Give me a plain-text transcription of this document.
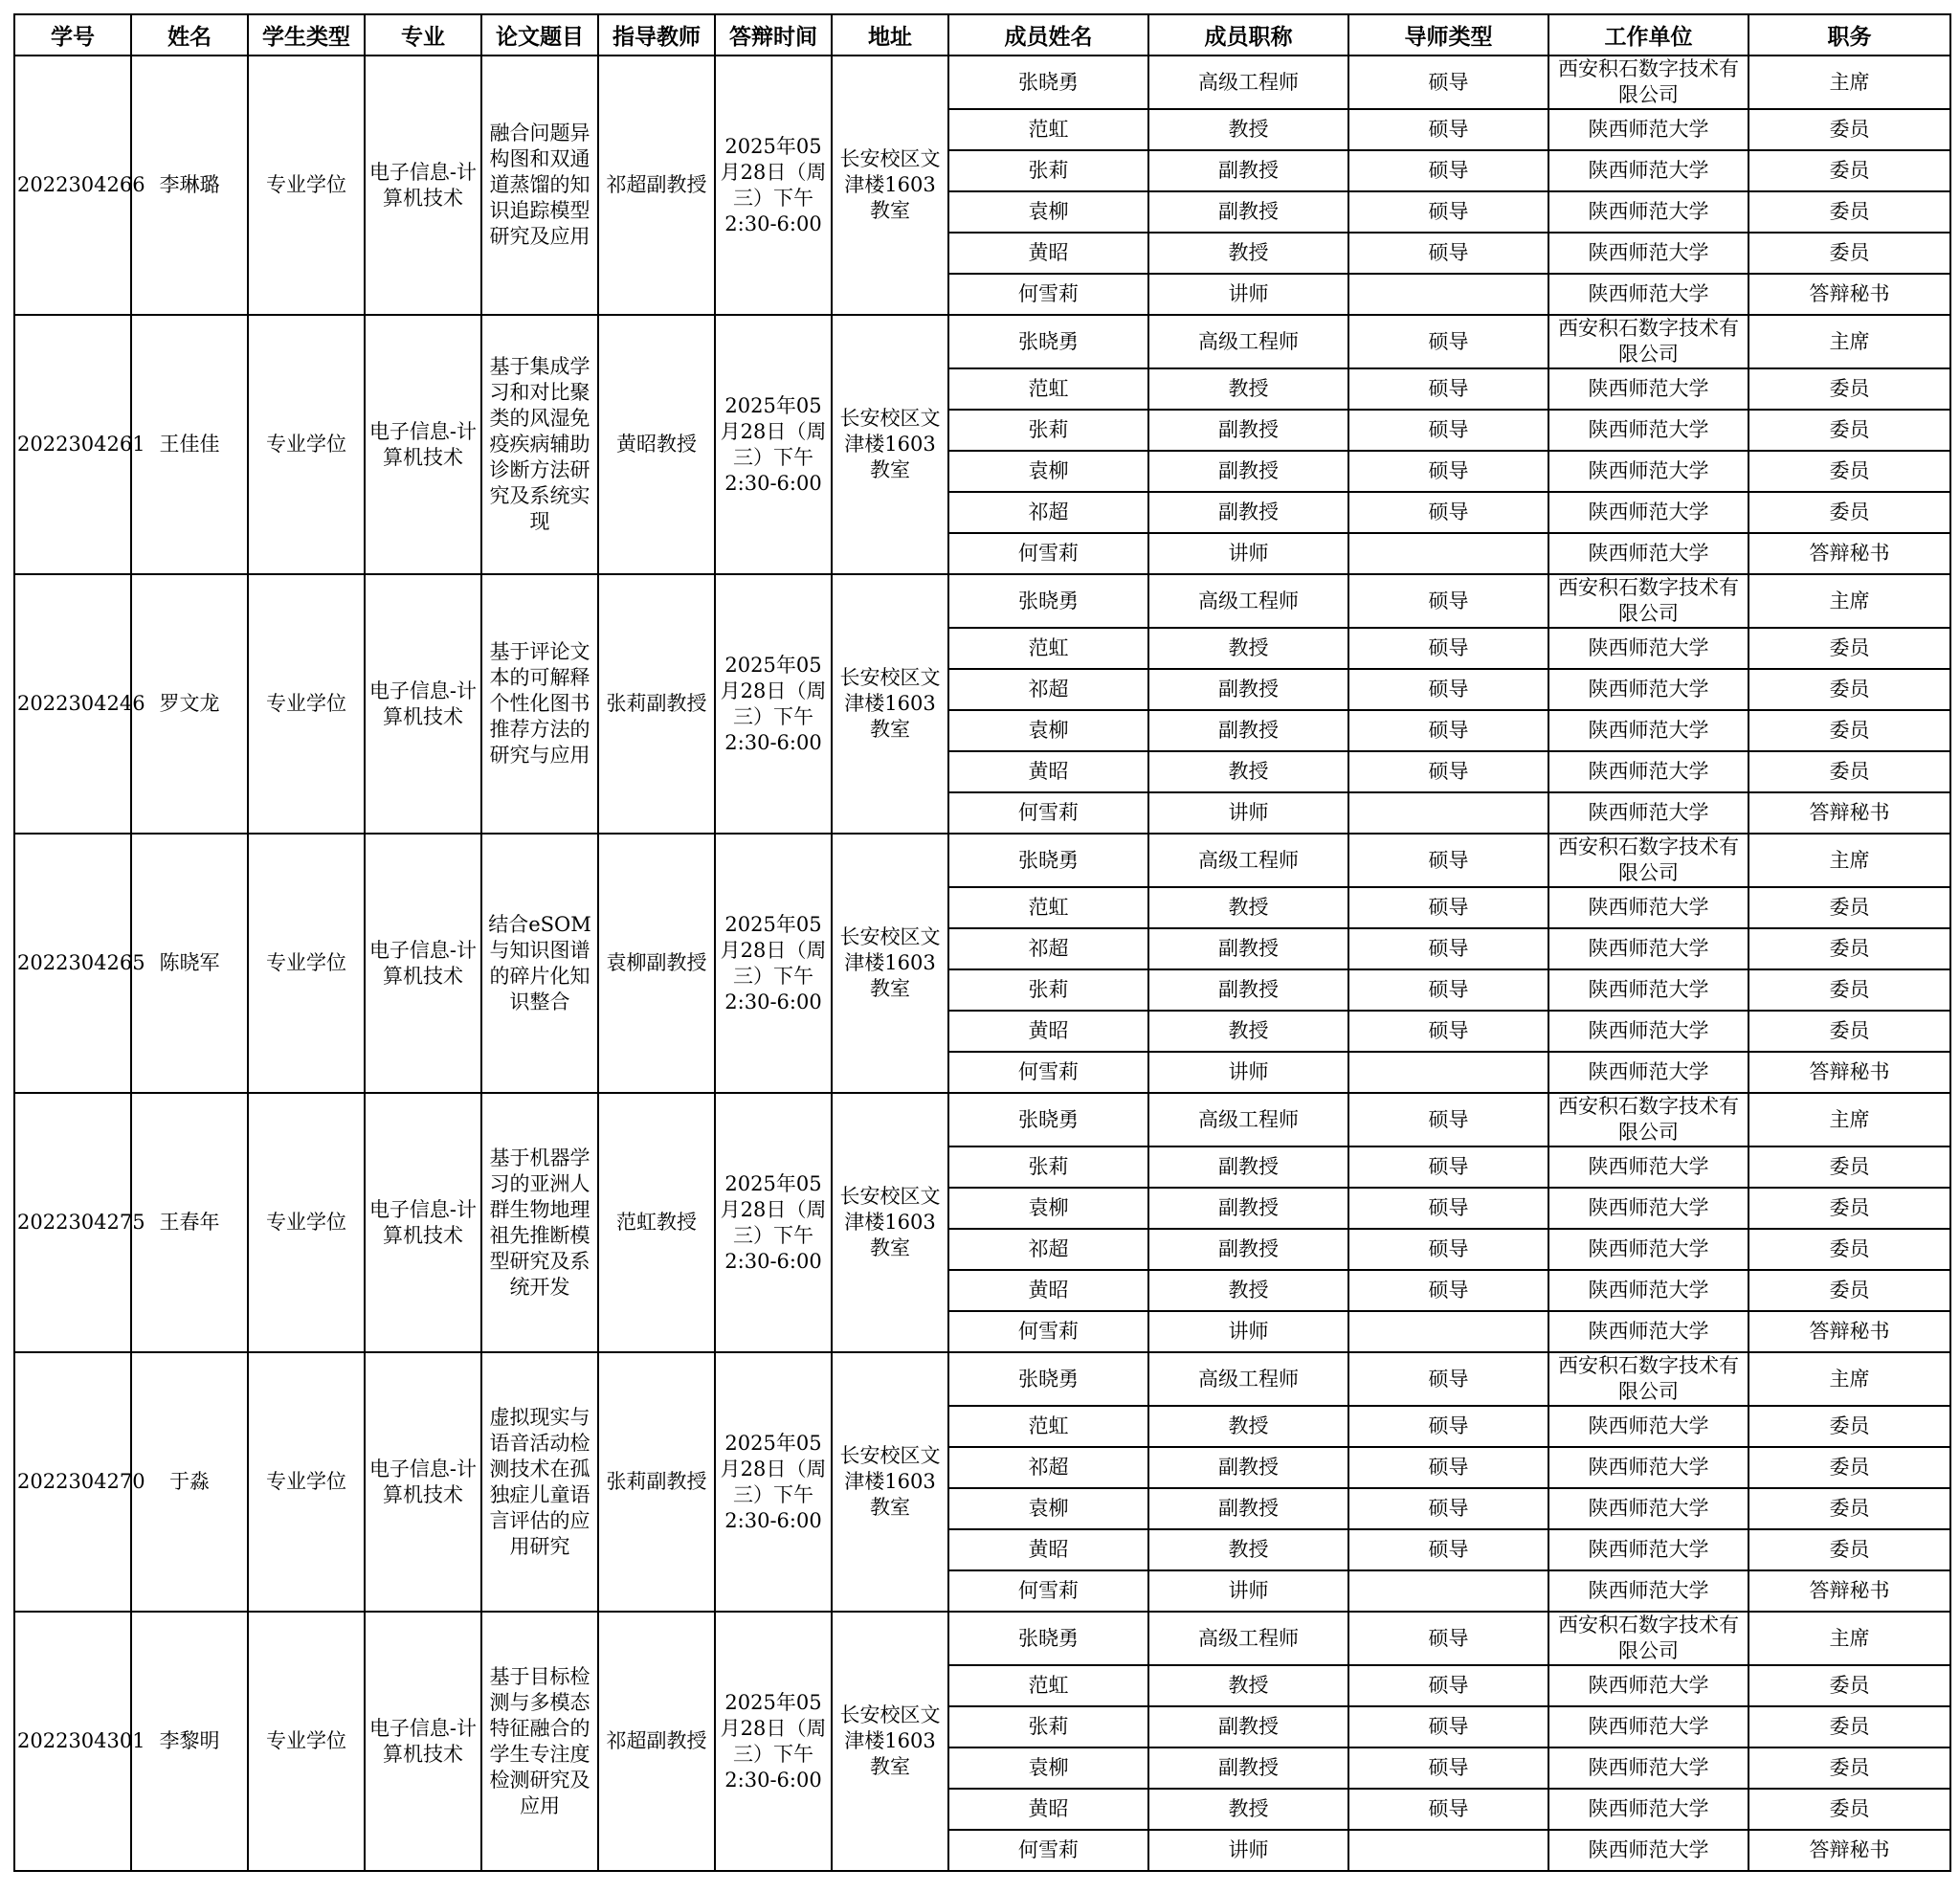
学号	姓名	学生类型	专业	论文题目	指导教师	答辩时间	地址	成员姓名	成员职称	导师类型	工作单位	职务
2022304266	李琳璐	专业学位	电子信息-计算机技术	融合问题异构图和双通道蒸馏的知识追踪模型研究及应用	祁超副教授	2025年05月28日（周三）下午2:30-6:00	长安校区文津楼1603教室	张晓勇	高级工程师	硕导	西安积石数字技术有限公司	主席
								范虹	教授	硕导	陕西师范大学	委员
								张莉	副教授	硕导	陕西师范大学	委员
								袁柳	副教授	硕导	陕西师范大学	委员
								黄昭	教授	硕导	陕西师范大学	委员
								何雪莉	讲师		陕西师范大学	答辩秘书
2022304261	王佳佳	专业学位	电子信息-计算机技术	基于集成学习和对比聚类的风湿免疫疾病辅助诊断方法研究及系统实现	黄昭教授	2025年05月28日（周三）下午2:30-6:00	长安校区文津楼1603教室	张晓勇	高级工程师	硕导	西安积石数字技术有限公司	主席
								范虹	教授	硕导	陕西师范大学	委员
								张莉	副教授	硕导	陕西师范大学	委员
								袁柳	副教授	硕导	陕西师范大学	委员
								祁超	副教授	硕导	陕西师范大学	委员
								何雪莉	讲师		陕西师范大学	答辩秘书
2022304246	罗文龙	专业学位	电子信息-计算机技术	基于评论文本的可解释个性化图书推荐方法的研究与应用	张莉副教授	2025年05月28日（周三）下午2:30-6:00	长安校区文津楼1603教室	张晓勇	高级工程师	硕导	西安积石数字技术有限公司	主席
								范虹	教授	硕导	陕西师范大学	委员
								祁超	副教授	硕导	陕西师范大学	委员
								袁柳	副教授	硕导	陕西师范大学	委员
								黄昭	教授	硕导	陕西师范大学	委员
								何雪莉	讲师		陕西师范大学	答辩秘书
2022304265	陈晓军	专业学位	电子信息-计算机技术	结合eSOM与知识图谱的碎片化知识整合	袁柳副教授	2025年05月28日（周三）下午2:30-6:00	长安校区文津楼1603教室	张晓勇	高级工程师	硕导	西安积石数字技术有限公司	主席
								范虹	教授	硕导	陕西师范大学	委员
								祁超	副教授	硕导	陕西师范大学	委员
								张莉	副教授	硕导	陕西师范大学	委员
								黄昭	教授	硕导	陕西师范大学	委员
								何雪莉	讲师		陕西师范大学	答辩秘书
2022304275	王春年	专业学位	电子信息-计算机技术	基于机器学习的亚洲人群生物地理祖先推断模型研究及系统开发	范虹教授	2025年05月28日（周三）下午2:30-6:00	长安校区文津楼1603教室	张晓勇	高级工程师	硕导	西安积石数字技术有限公司	主席
								张莉	副教授	硕导	陕西师范大学	委员
								袁柳	副教授	硕导	陕西师范大学	委员
								祁超	副教授	硕导	陕西师范大学	委员
								黄昭	教授	硕导	陕西师范大学	委员
								何雪莉	讲师		陕西师范大学	答辩秘书
2022304270	于淼	专业学位	电子信息-计算机技术	虚拟现实与语音活动检测技术在孤独症儿童语言评估的应用研究	张莉副教授	2025年05月28日（周三）下午2:30-6:00	长安校区文津楼1603教室	张晓勇	高级工程师	硕导	西安积石数字技术有限公司	主席
								范虹	教授	硕导	陕西师范大学	委员
								祁超	副教授	硕导	陕西师范大学	委员
								袁柳	副教授	硕导	陕西师范大学	委员
								黄昭	教授	硕导	陕西师范大学	委员
								何雪莉	讲师		陕西师范大学	答辩秘书
2022304301	李黎明	专业学位	电子信息-计算机技术	基于目标检测与多模态特征融合的学生专注度检测研究及应用	祁超副教授	2025年05月28日（周三）下午2:30-6:00	长安校区文津楼1603教室	张晓勇	高级工程师	硕导	西安积石数字技术有限公司	主席
								范虹	教授	硕导	陕西师范大学	委员
								张莉	副教授	硕导	陕西师范大学	委员
								袁柳	副教授	硕导	陕西师范大学	委员
								黄昭	教授	硕导	陕西师范大学	委员
								何雪莉	讲师		陕西师范大学	答辩秘书
